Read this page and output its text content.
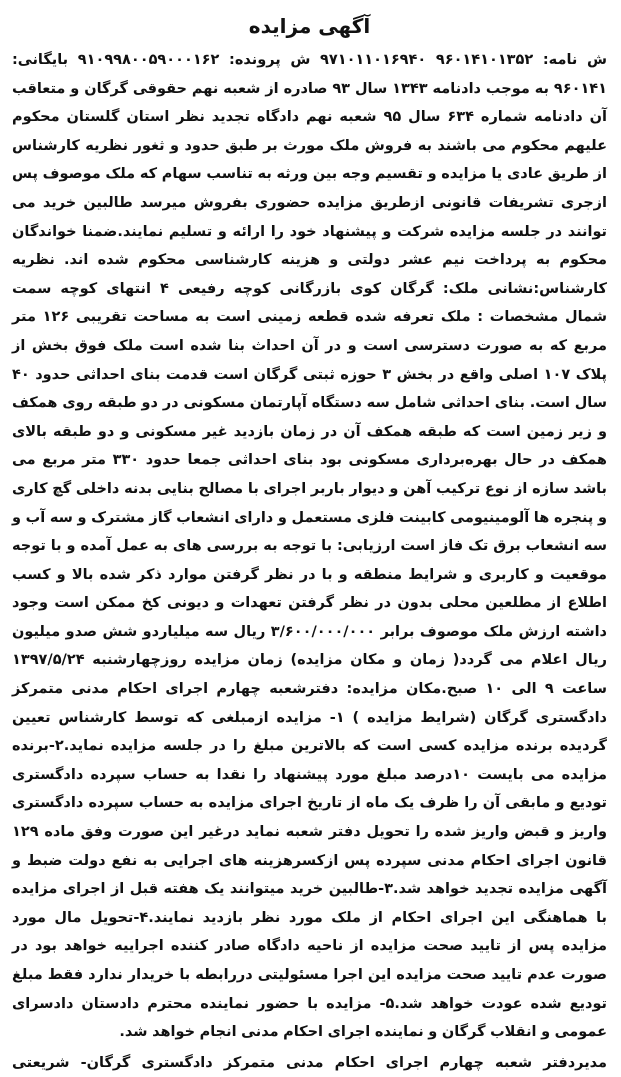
آگهی مزایده
ش نامه: ۹۶۰۱۴۱۰۱۳۵۲ ۹۷۱۰۱۱۰۱۶۹۴۰ ش پرونده: ۹۱۰۹۹۸۰۰۵۹۰۰۰۱۶۲ بایگانی: ۹۶۰۱۴۱ به موجب دادنامه ۱۳۴۳ سال ۹۳ صادره از شعبه نهم حقوقی گرگان و متعاقب آن دادنامه شماره ۶۳۴ سال ۹۵ شعبه نهم دادگاه تجدید نظر استان گلستان محکوم علیهم محکوم می باشند به فروش ملک مورث بر طبق حدود و ثغور نظریه کارشناس از طریق عادی یا مزایده و تقسیم وجه بین ورثه به تناسب سهام که ملک موصوف پس ازجری تشریفات قانونی ازطریق مزایده حضوری بفروش میرسد طالبین خرید می توانند در جلسه مزایده شرکت و پیشنهاد خود را ارائه و تسلیم نمایند.ضمنا خواندگان محکوم به پرداخت نیم عشر دولتی و هزینه کارشناسی محکوم شده اند. نظریه کارشناس:نشانی ملک: گرگان کوی بازرگانی کوچه رفیعی ۴ انتهای کوچه سمت شمال مشخصات : ملک تعرفه شده قطعه زمینی است به مساحت تقریبی ۱۲۶ متر مربع که به صورت دسترسی است و در آن احداث بنا شده است ملک فوق بخش از پلاک ۱۰۷ اصلی واقع در بخش ۳ حوزه ثبتی گرگان است قدمت بنای احداثی حدود ۴۰ سال است. بنای احداثی شامل سه دستگاه آپارتمان مسکونی در دو طبقه روی همکف و زیر زمین است که طبقه همکف آن در زمان بازدید غیر مسکونی و دو طبقه بالای همکف در حال بهره‌برداری مسکونی بود بنای احداثی جمعا حدود ۳۳۰ متر مربع می باشد سازه از نوع ترکیب آهن و دیوار باربر اجرای با مصالح بنایی بدنه داخلی گچ کاری و پنجره ها آلومینیومی کابینت فلزی مستعمل و دارای انشعاب گاز مشترک و سه آب و سه انشعاب برق تک فاز است ارزیابی: با توجه به بررسی های به عمل آمده و با توجه موقعیت و کاربری و شرایط منطقه و با در نظر گرفتن موارد ذکر شده بالا و کسب اطلاع از مطلعین محلی بدون در نظر گرفتن تعهدات و دیونی کخ ممکن است وجود داشته ارزش ملک موصوف برابر ۳/۶۰۰/۰۰۰/۰۰۰ ریال سه میلیاردو شش صدو میلیون ریال اعلام می گردد( زمان و مکان مزایده) زمان مزایده روزچهارشنبه ۱۳۹۷/۵/۲۴ ساعت ۹ الی ۱۰ صبح.مکان مزایده: دفترشعبه چهارم اجرای احکام مدنی متمرکز دادگستری گرگان (شرایط مزایده ) ۱- مزایده ازمبلغی که توسط کارشناس تعیین گردیده برنده مزایده کسی است که بالاترین مبلغ را در جلسه مزایده نماید.۲-برنده مزایده می بایست ۱۰درصد مبلغ مورد پیشنهاد را نقدا به حساب سپرده دادگستری تودیع و مابقی آن را ظرف یک ماه از تاریخ اجرای مزایده به حساب سپرده دادگستری واریز و قبض واریز شده را تحویل دفتر شعبه نماید درغیر این صورت وفق ماده ۱۲۹ قانون اجرای احکام مدنی سپرده پس ازکسرهزینه های اجرایی به نفع دولت ضبط و آگهی مزایده تجدید خواهد شد.۳-طالبین خرید میتوانند یک هفته قبل از اجرای مزایده با هماهنگی این اجرای احکام از ملک مورد نظر بازدید نمایند.۴-تحویل مال مورد مزایده پس از تایید صحت مزایده از ناحیه دادگاه صادر کننده اجراییه خواهد بود در صورت عدم تایید صحت مزایده این اجرا مسئولیتی دررابطه با خریدار ندارد فقط مبلغ تودیع شده عودت خواهد شد.۵- مزایده با حضور نماینده محترم دادستان دادسرای عمومی و انقلاب گرگان و نماینده اجرای احکام مدنی انجام خواهد شد.
مدیردفتر شعبه چهارم اجرای احکام مدنی متمرکز دادگستری گرگان- شریعتی
